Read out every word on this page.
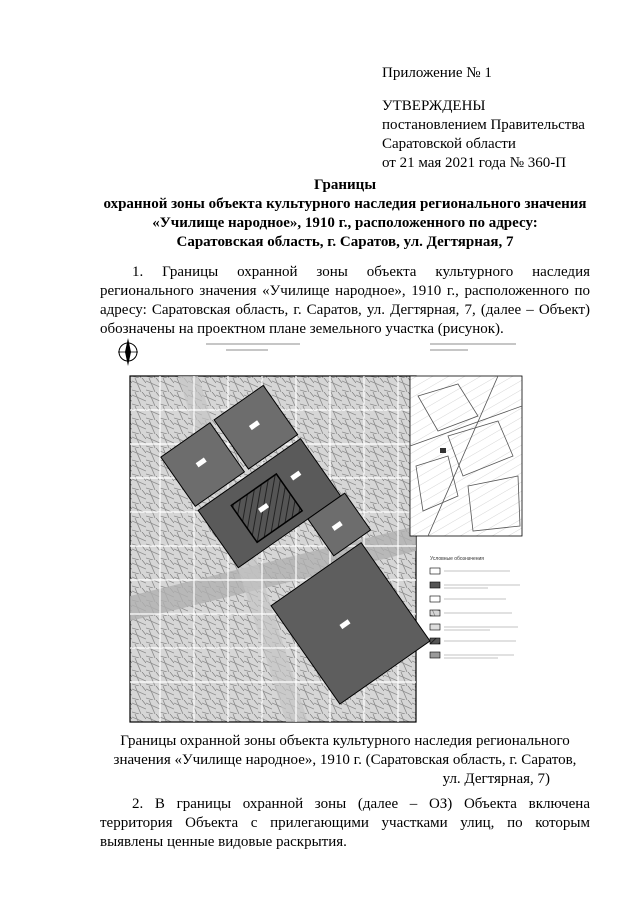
Приложение № 1
УТВЕРЖДЕНЫ
постановлением Правительства
Саратовской области
от 21 мая 2021 года № 360-П
Границы
охранной зоны объекта культурного наследия регионального значения
«Училище народное», 1910 г., расположенного по адресу:
Саратовская область, г. Саратов, ул. Дегтярная, 7
1. Границы охранной зоны объекта культурного наследия регионального значения «Училище народное», 1910 г., расположенного по адресу: Саратовская область, г. Саратов, ул. Дегтярная, 7, (далее – Объект) обозначены на проектном плане земельного участка (рисунок).
Условные обозначения
Границы охранной зоны объекта культурного наследия регионального
значения «Училище народное», 1910 г. (Саратовская область, г. Саратов,
ул. Дегтярная, 7)
2. В границы охранной зоны (далее – ОЗ) Объекта включена территория Объекта с прилегающими участками улиц, по которым выявлены ценные видовые раскрытия.
